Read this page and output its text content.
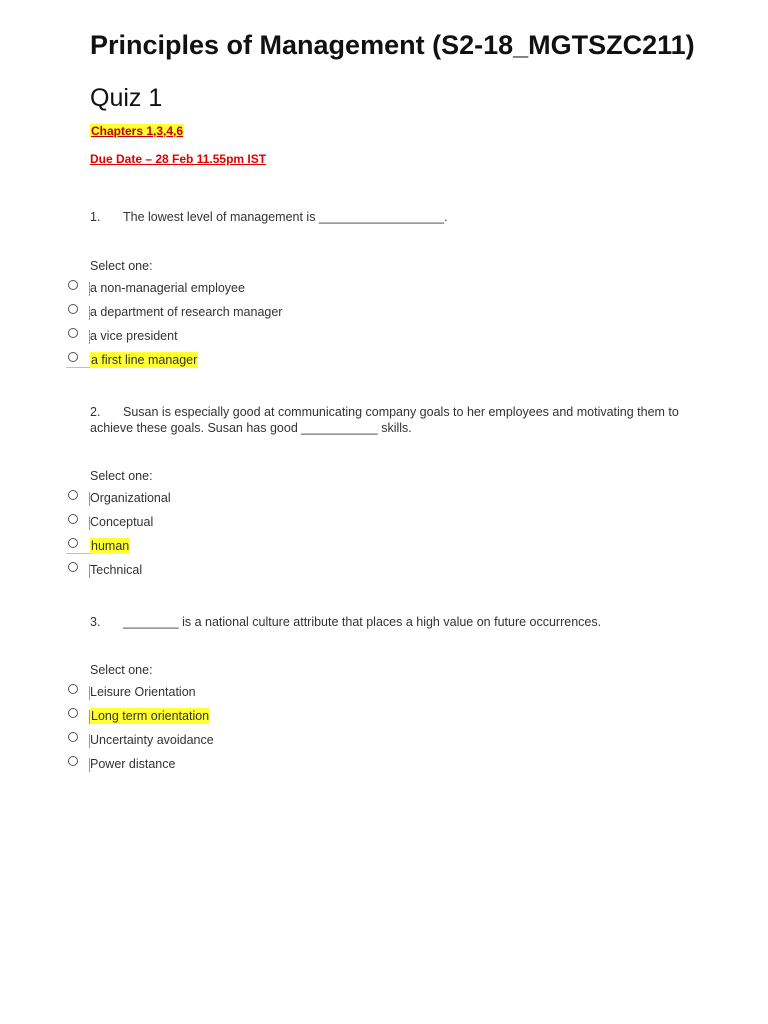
Principles of Management (S2-18_MGTSZC211)
Quiz 1
Chapters 1,3,4,6
Due Date – 28 Feb 11.55pm IST
1. The lowest level of management is __________________.
Select one:
a non-managerial employee
a department of research manager
a vice president
a first line manager
2. Susan is especially good at communicating company goals to her employees and motivating them to achieve these goals. Susan has good ___________ skills.
Select one:
Organizational
Conceptual
human
Technical
3. ________ is a national culture attribute that places a high value on future occurrences.
Select one:
Leisure Orientation
Long term orientation
Uncertainty avoidance
Power distance
